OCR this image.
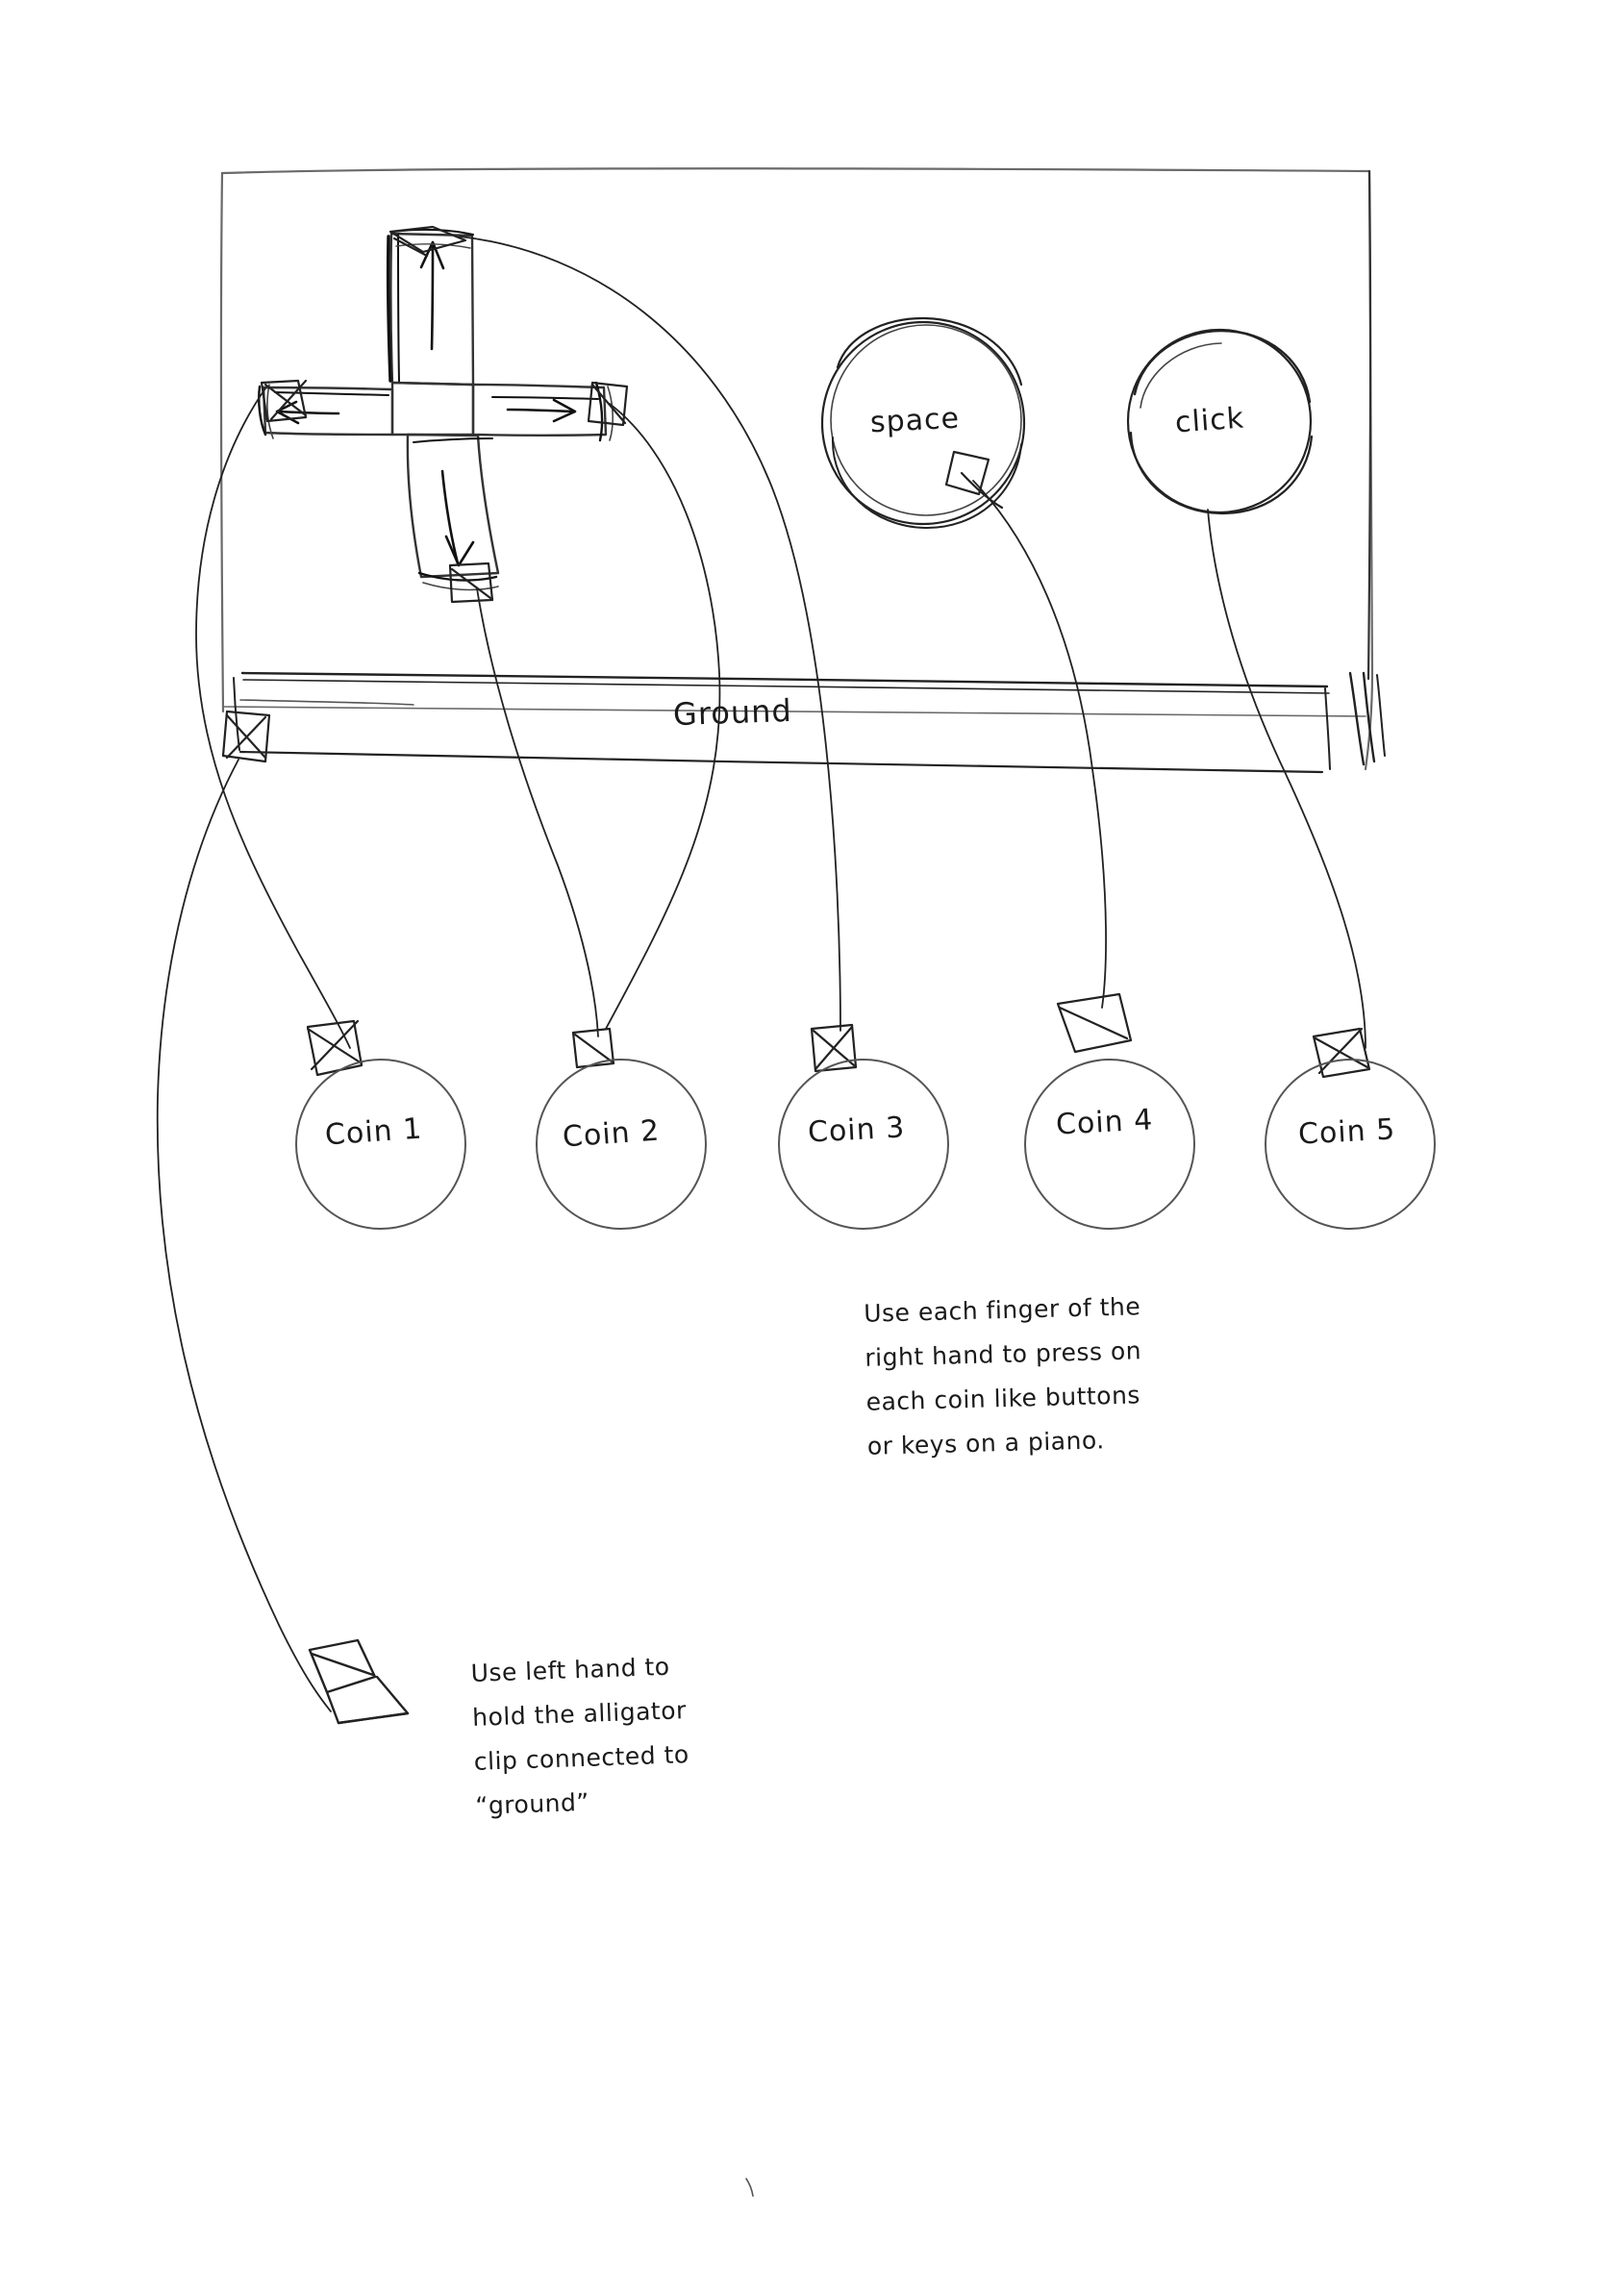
space	click
Ground
Coin 1	Coin 2	Coin 3	Coin 4	Coin 5
Use each finger of the
right hand to press on
each coin like buttons
or keys on a piano.
Use left hand to
hold the alligator
clip connected to
“ground”
